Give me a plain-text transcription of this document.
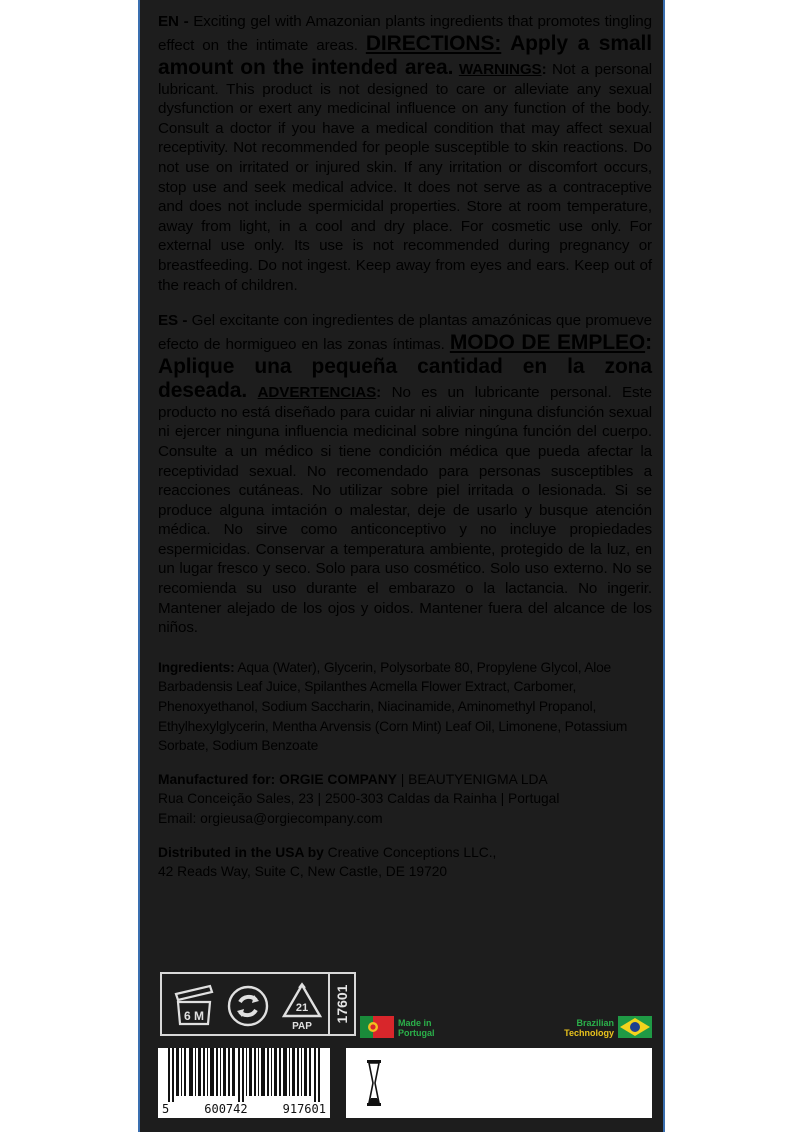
EN - Exciting gel with Amazonian plants ingredients that promotes tingling effect on the intimate areas. DIRECTIONS: Apply a small amount on the intended area. WARNINGS: Not a personal lubricant. This product is not designed to care or alleviate any sexual dysfunction or exert any medicinal influence on any function of the body. Consult a doctor if you have a medical condition that may affect sexual receptivity. Not recommended for people susceptible to skin reactions. Do not use on irritated or injured skin. If any irritation or discomfort occurs, stop use and seek medical advice. It does not serve as a contraceptive and does not include spermicidal properties. Store at room temperature, away from light, in a cool and dry place. For cosmetic use only. For external use only. Its use is not recommended during pregnancy or breastfeeding. Do not ingest. Keep away from eyes and ears. Keep out of the reach of children.

ES - Gel excitante con ingredientes de plantas amazónicas que promueve efecto de hormigueo en las zonas íntimas. MODO DE EMPLEO: Aplique una pequeña cantidad en la zona deseada. ADVERTENCIAS: No es un lubricante personal. Este producto no está diseñado para cuidar ni aliviar ninguna disfunción sexual ni ejercer ninguna influencia medicinal sobre ningúna función del cuerpo. Consulte a un médico si tiene condición médica que pueda afectar la receptividad sexual. No recomendado para personas susceptibles a reacciones cutáneas. No utilizar sobre piel irritada o lesionada. Si se produce alguna imtación o malestar, deje de usarlo y busque atención médica. No sirve como anticonceptivo y no incluye propiedades espermicidas. Conservar a temperatura ambiente, protegido de la luz, en un lugar fresco y seco. Solo para uso cosmético. Solo uso externo. No se recomienda su uso durante el embarazo o la lactancia. No ingerir. Mantener alejado de los ojos y oidos. Mantener fuera del alcance de los niños.

Ingredients: Aqua (Water), Glycerin, Polysorbate 80, Propylene Glycol, Aloe Barbadensis Leaf Juice, Spilanthes Acmella Flower Extract, Carbomer, Phenoxyethanol, Sodium Saccharin, Niacinamide, Aminomethyl Propanol, Ethylhexylglycerin, Mentha Arvensis (Corn Mint) Leaf Oil, Limonene, Potassium Sorbate, Sodium Benzoate

Manufactured for: ORGIE COMPANY | BEAUTYENIGMA LDA
Rua Conceição Sales, 23 | 2500-303 Caldas da Rainha | Portugal
Email: orgieusa@orgiecompany.com
Distributed in the USA by Creative Conceptions LLC.,
42 Reads Way, Suite C, New Castle, DE 19720
6 M
21
PAP
17601	Made in
Portugal
Brazilian
Technology
5	600742	917601
